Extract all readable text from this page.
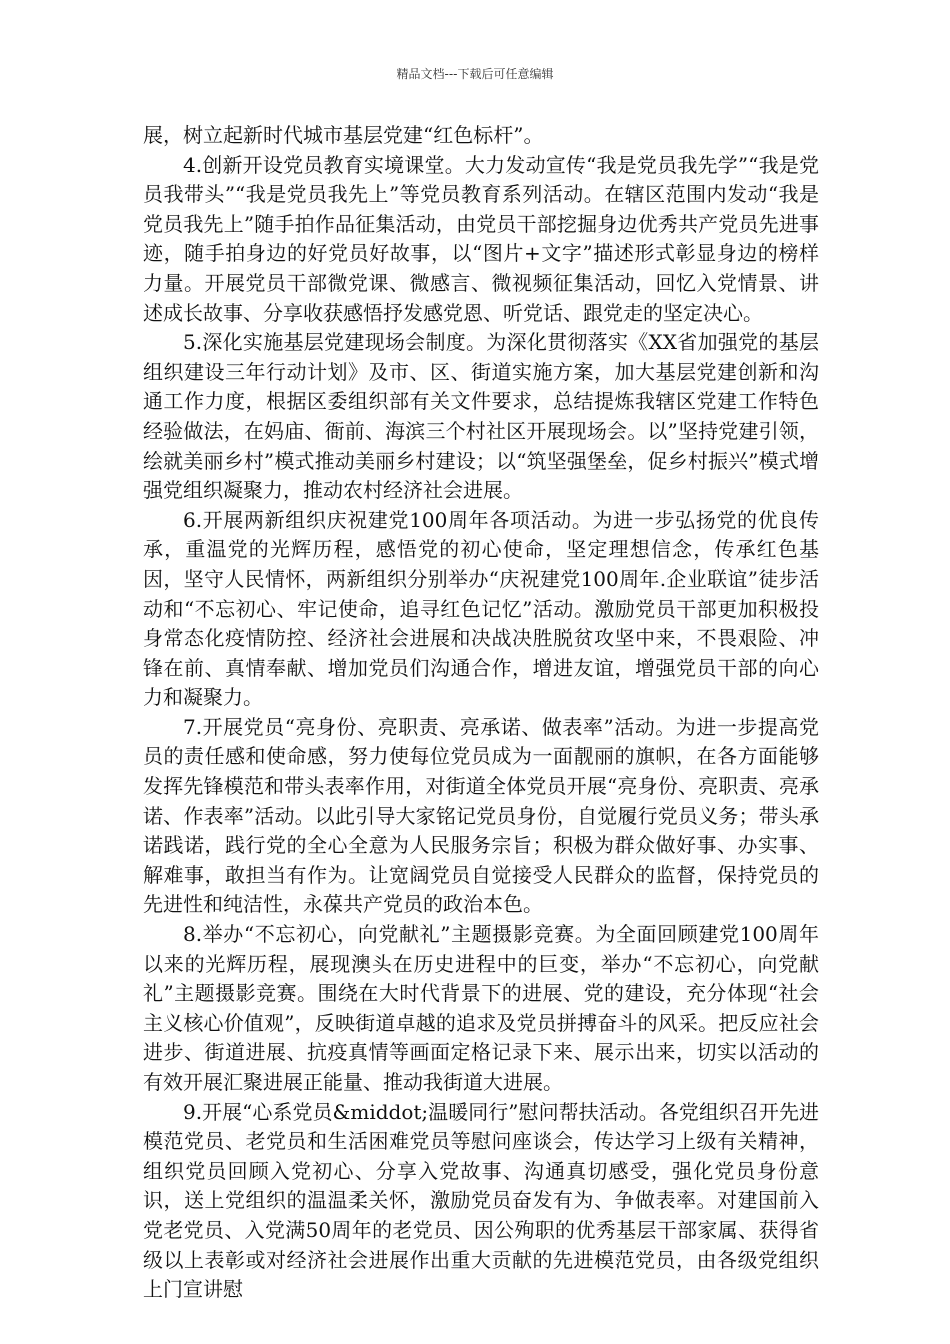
精品文档---下载后可任意编辑

展，树立起新时代城市基层党建“红色标杆”。

4.创新开设党员教育实境课堂。大力发动宣传“我是党员我先学”“我是党员我带头”“我是党员我先上”等党员教育系列活动。在辖区范围内发动“我是党员我先上”随手拍作品征集活动，由党员干部挖掘身边优秀共产党员先进事迹，随手拍身边的好党员好故事，以“图片+文字”描述形式彰显身边的榜样力量。开展党员干部微党课、微感言、微视频征集活动，回忆入党情景、讲述成长故事、分享收获感悟抒发感党恩、听党话、跟党走的坚定决心。

5.深化实施基层党建现场会制度。为深化贯彻落实《XX省加强党的基层组织建设三年行动计划》及市、区、街道实施方案，加大基层党建创新和沟通工作力度，根据区委组织部有关文件要求，总结提炼我辖区党建工作特色经验做法，在妈庙、衙前、海滨三个村社区开展现场会。以”坚持党建引领，绘就美丽乡村”模式推动美丽乡村建设；以“筑坚强堡垒，促乡村振兴”模式增强党组织凝聚力，推动农村经济社会进展。

6.开展两新组织庆祝建党100周年各项活动。为进一步弘扬党的优良传承，重温党的光辉历程，感悟党的初心使命，坚定理想信念，传承红色基因，坚守人民情怀，两新组织分别举办“庆祝建党100周年.企业联谊”徒步活动和“不忘初心、牢记使命，追寻红色记忆”活动。激励党员干部更加积极投身常态化疫情防控、经济社会进展和决战决胜脱贫攻坚中来，不畏艰险、冲锋在前、真情奉献、增加党员们沟通合作，增进友谊，增强党员干部的向心力和凝聚力。

7.开展党员“亮身份、亮职责、亮承诺、做表率”活动。为进一步提高党员的责任感和使命感，努力使每位党员成为一面靓丽的旗帜，在各方面能够发挥先锋模范和带头表率作用，对街道全体党员开展“亮身份、亮职责、亮承诺、作表率”活动。以此引导大家铭记党员身份，自觉履行党员义务；带头承诺践诺，践行党的全心全意为人民服务宗旨；积极为群众做好事、办实事、解难事，敢担当有作为。让宽阔党员自觉接受人民群众的监督，保持党员的先进性和纯洁性，永葆共产党员的政治本色。

8.举办“不忘初心，向党献礼”主题摄影竞赛。为全面回顾建党100周年以来的光辉历程，展现澳头在历史进程中的巨变，举办“不忘初心，向党献礼”主题摄影竞赛。围绕在大时代背景下的进展、党的建设，充分体现“社会主义核心价值观”，反映街道卓越的追求及党员拼搏奋斗的风采。把反应社会进步、街道进展、抗疫真情等画面定格记录下来、展示出来，切实以活动的有效开展汇聚进展正能量、推动我街道大进展。

9.开展“心系党员&middot;温暖同行”慰问帮扶活动。各党组织召开先进模范党员、老党员和生活困难党员等慰问座谈会，传达学习上级有关精神，组织党员回顾入党初心、分享入党故事、沟通真切感受，强化党员身份意识，送上党组织的温温柔关怀，激励党员奋发有为、争做表率。对建国前入党老党员、入党满50周年的老党员、因公殉职的优秀基层干部家属、获得省级以上表彰或对经济社会进展作出重大贡献的先进模范党员，由各级党组织上门宣讲慰
